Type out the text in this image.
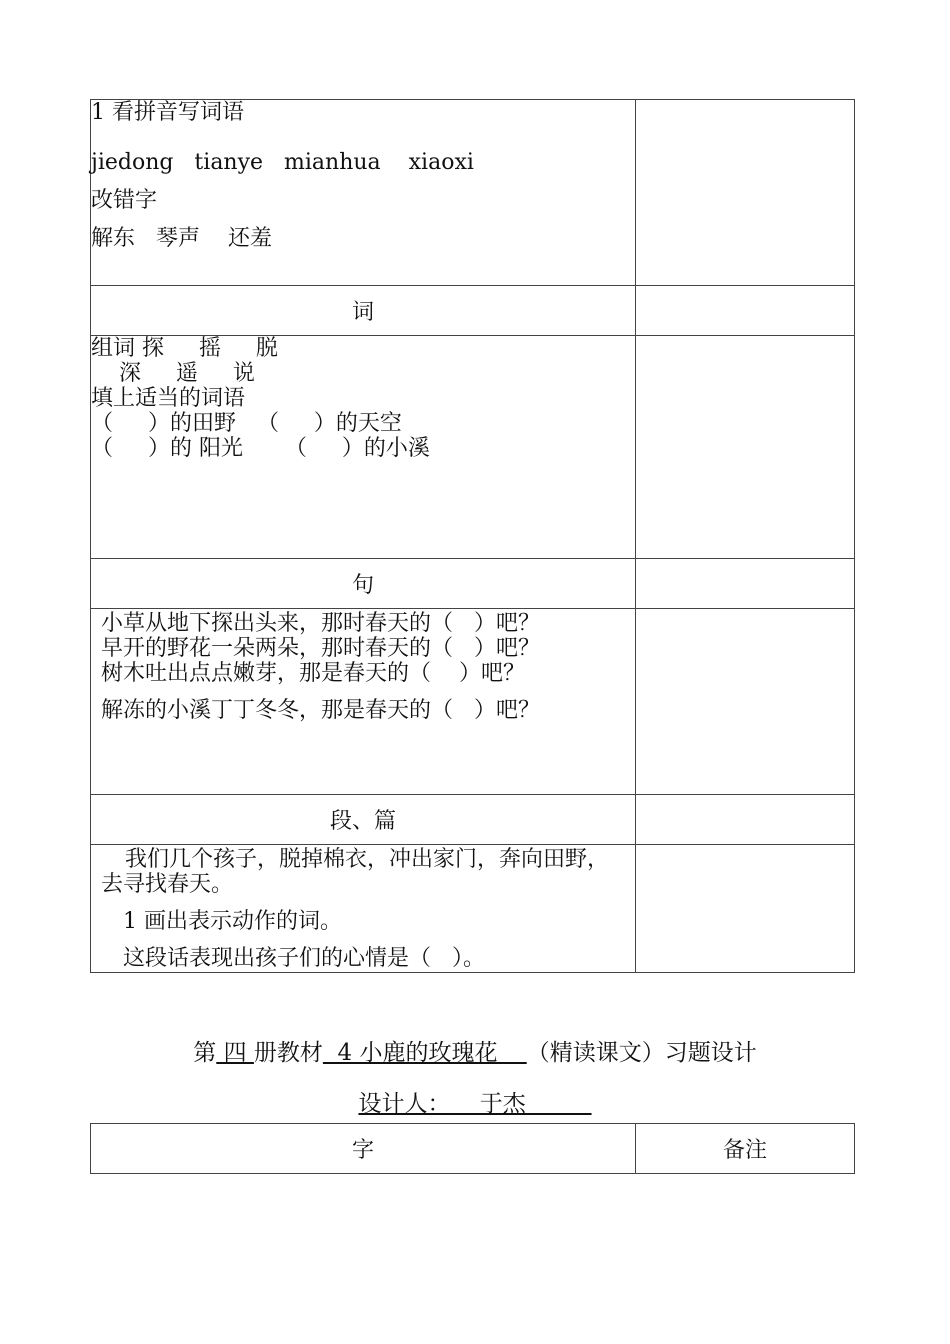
1 看拼音写词语
jiedong   tianye   mianhua    xiaoxi
改错字
解东   琴声    还羞	

词	

组词 探     摇     脱
深     遥     说
填上适当的词语
（     ）的田野   （     ）的天空
（     ）的 阳光      （     ）的小溪	

句	

小草从地下探出头来，那时春天的（   ）吧？
早开的野花一朵两朵，那时春天的（   ）吧？
树木吐出点点嫩芽，那是春天的（    ）吧？
解冻的小溪丁丁冬冬，那是春天的（   ）吧？	

段、篇	

我们几个孩子，脱掉棉衣，冲出家门，奔向田野，
去寻找春天。
1 画出表示动作的词。
这段话表现出孩子们的心情是（   ）。	

第 四 册教材  4 小鹿的玫瑰花    （精读课文）习题设计
设计人：    于杰
字	备注
